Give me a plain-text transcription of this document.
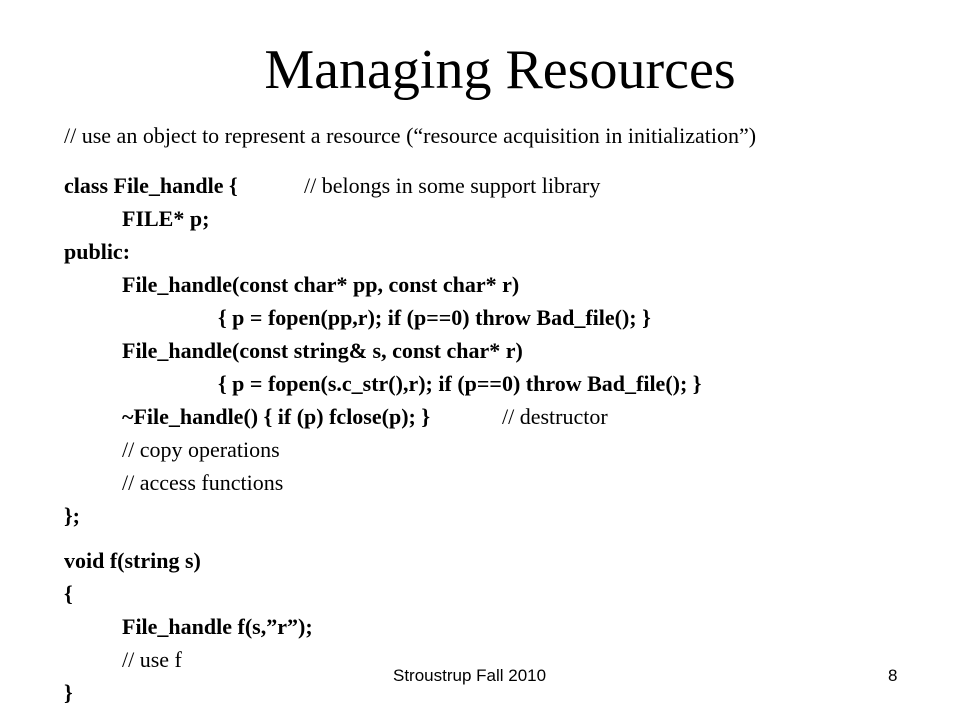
Managing Resources
// use an object to represent a resource (“resource acquisition in initialization”)
class File_handle {	// belongs in some support library
FILE* p;
public:
File_handle(const char* pp, const char* r)
{ p = fopen(pp,r); if (p==0) throw Bad_file(); }
File_handle(const string& s, const char* r)
{ p = fopen(s.c_str(),r); if (p==0) throw Bad_file(); }
~File_handle() { if (p) fclose(p); }	// destructor
// copy operations
// access functions
};
void f(string s)
{
File_handle f(s,”r”);
// use f
}
Stroustrup Fall 2010	8
